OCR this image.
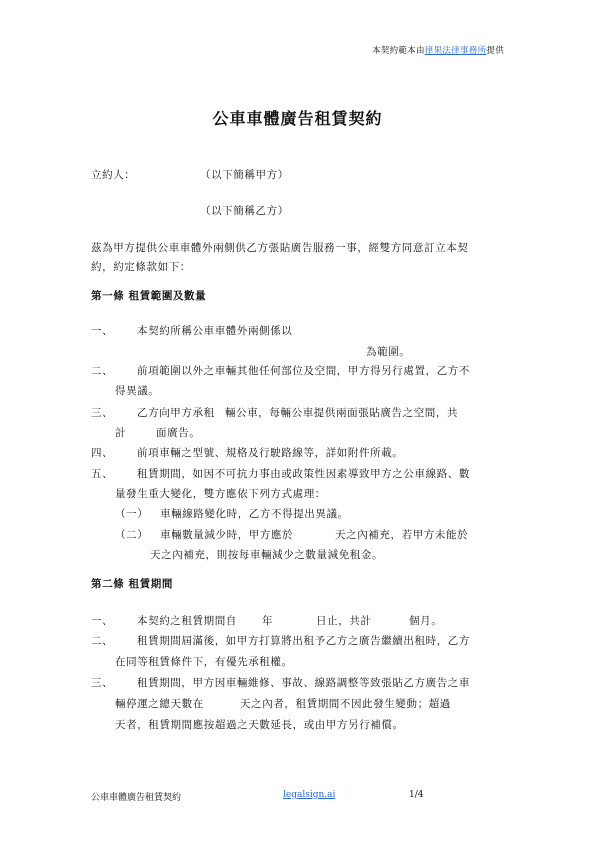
本契約範本由律果法律事務所提供
公車車體廣告租賃契約
立約人：	（以下簡稱甲方）
（以下簡稱乙方）
茲為甲方提供公車車體外兩側供乙方張貼廣告服務一事，經雙方同意訂立本契
約，約定條款如下：
第一條 租賃範圍及數量
一、 本契約所稱公車車體外兩側係以
為範圍。
二、 前項範圍以外之車輛其他任何部位及空間，甲方得另行處置，乙方不
得異議。
三、 乙方向甲方承租 輛公車，每輛公車提供兩面張貼廣告之空間，共
計	面廣告。
四、 前項車輛之型號、規格及行駛路線等，詳如附件所載。
五、 租賃期間，如因不可抗力事由或政策性因素導致甲方之公車線路、數
量發生重大變化，雙方應依下列方式處理：
（一） 車輛線路變化時，乙方不得提出異議。
（二） 車輛數量減少時，甲方應於	天之內補充，若甲方未能於
天之內補充，則按每車輛減少之數量減免租金。
第二條 租賃期間
一、 本契約之租賃期間自 年	日止，共計	個月。
二、 租賃期間屆滿後，如甲方打算將出租予乙方之廣告繼續出租時，乙方
在同等租賃條件下，有優先承租權。
三、 租賃期間，甲方因車輛維修、事故、線路調整等致張貼乙方廣告之車
輛停運之總天數在	天之內者，租賃期間不因此發生變動；超過
天者，租賃期間應按超過之天數延長，或由甲方另行補償。
公車車體廣告租賃契約	legalsign.ai	1/4
